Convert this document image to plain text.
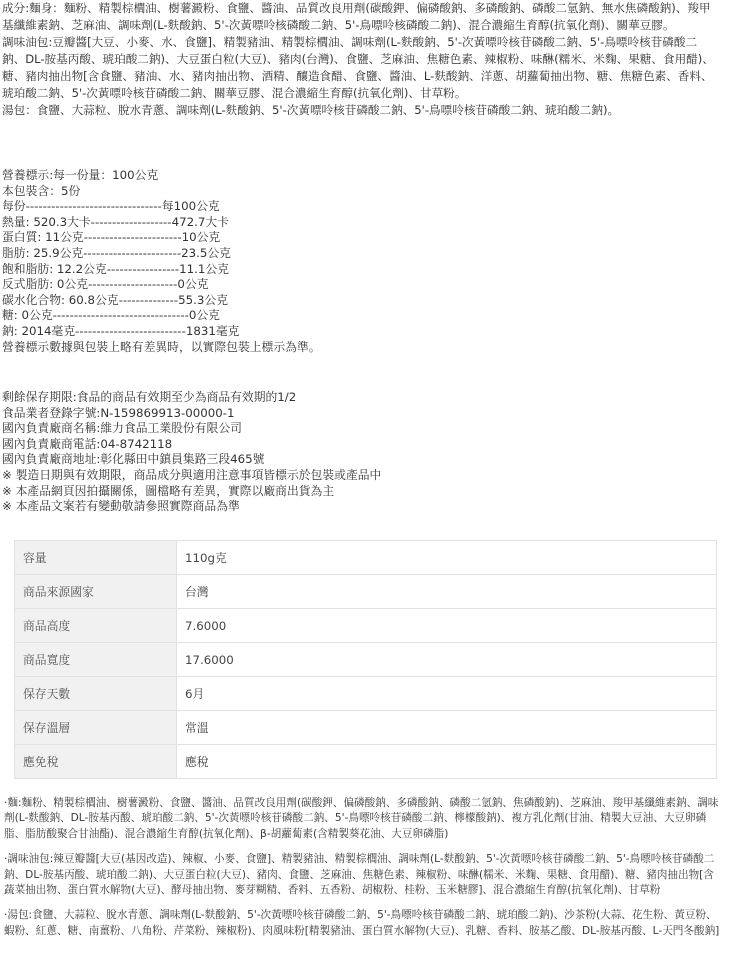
成分:麵身：麵粉、精製棕櫚油、樹薯澱粉、食鹽、醬油、品質改良用劑(碳酸鉀、偏磷酸鈉、多磷酸鈉、磷酸二氫鈉、無水焦磷酸鈉)、羧甲基纖維素鈉、芝麻油、調味劑(L-麩酸鈉、5'-次黃嘌呤核磷酸二鈉、5'-鳥嘌呤核磷酸二鈉)、混合濃縮生育醇(抗氧化劑)、關華豆膠。

調味油包:豆瓣醬[大豆、小麥、水、食鹽]、精製豬油、精製棕櫚油、調味劑(L-麩酸鈉、5'-次黃嘌呤核苷磷酸二鈉、5'-鳥嘌呤核苷磷酸二鈉、DL-胺基丙酸、琥珀酸二鈉)、大豆蛋白粒(大豆)、豬肉(台灣)、食鹽、芝麻油、焦糖色素、辣椒粉、味醂(糯米、米麴、果糖、食用醋)、糖、豬肉抽出物[含食鹽、豬油、水、豬肉抽出物、酒精、釀造食醋、食鹽、醬油、L-麩酸鈉、洋蔥、胡蘿蔔抽出物、糖、焦糖色素、香料、琥珀酸二鈉、5'-次黃嘌呤核苷磷酸二鈉、關華豆膠、混合濃縮生育醇(抗氧化劑)、甘草粉。

湯包：食鹽、大蒜粒、脫水青蔥、調味劑(L-麩酸鈉、5'-次黃嘌呤核苷磷酸二鈉、5'-鳥嘌呤核苷磷酸二鈉、琥珀酸二鈉)。

營養標示:每一份量：100公克
本包裝含：5份
每份--------------------------------每100公克
熱量: 520.3大卡-------------------472.7大卡
蛋白質: 11公克-----------------------10公克
脂肪: 25.9公克-----------------------23.5公克
飽和脂肪: 12.2公克-----------------11.1公克
反式脂肪: 0公克---------------------0公克
碳水化合物: 60.8公克--------------55.3公克
糖: 0公克--------------------------------0公克
鈉: 2014毫克--------------------------1831毫克
營養標示數據與包裝上略有差異時，以實際包裝上標示為準。
剩餘保存期限:食品的商品有效期至少為商品有效期的1/2
食品業者登錄字號:N-159869913-00000-1
國內負責廠商名稱:維力食品工業股份有限公司
國內負責廠商電話:04-8742118
國內負責廠商地址:彰化縣田中鎮員集路三段465號
※ 製造日期與有效期限，商品成分與適用注意事項皆標示於包裝或產品中
※ 本產品網頁因拍攝關係，圖檔略有差異，實際以廠商出貨為主
※ 本產品文案若有變動敬請參照實際商品為準
容量	110g克
商品來源國家	台灣
商品高度	7.6000
商品寬度	17.6000
保存天數	6月
保存溫層	常溫
應免稅	應稅

‧麵:麵粉、精製棕櫚油、樹薯澱粉、食鹽、醬油、品質改良用劑(碳酸鉀、偏磷酸鈉、多磷酸鈉、磷酸二氫鈉、焦磷酸鈉)、芝麻油、羧甲基纖維素鈉、調味劑(L-麩酸鈉、DL-胺基丙酸、琥珀酸二鈉、5'-次黃嘌呤核苷磷酸二鈉、5'-鳥嘌呤核苷磷酸二鈉、檸檬酸鈉)、複方乳化劑(甘油、精製大豆油、大豆卵磷脂、脂肪酸聚合甘油酯)、混合濃縮生育醇(抗氧化劑)、β-胡蘿蔔素(含精製葵花油、大豆卵磷脂)

‧調味油包:辣豆瓣醬[大豆(基因改造)、辣椒、小麥、食鹽]、精製豬油、精製棕櫚油、調味劑(L-麩酸鈉、5'-次黃嘌呤核苷磷酸二鈉、5'-鳥嘌呤核苷磷酸二鈉、DL-胺基丙酸、琥珀酸二鈉)、大豆蛋白粒(大豆)、豬肉、食鹽、芝麻油、焦糖色素、辣椒粉、味醂(糯米、米麴、果糖、食用醋)、糖、豬肉抽出物[含蔬菜抽出物、蛋白質水解物(大豆)、酵母抽出物、麥芽糊精、香料、五香粉、胡椒粉、桂粉、玉米糖膠]、混合濃縮生育醇(抗氧化劑)、甘草粉

‧湯包:食鹽、大蒜粒、脫水青蔥、調味劑(L-麩酸鈉、5'-次黃嘌呤核苷磷酸二鈉、5'-鳥嘌呤核苷磷酸二鈉、琥珀酸二鈉)、沙茶粉(大蒜、花生粉、黃豆粉、蝦粉、紅蔥、糖、南薑粉、八角粉、芹菜粉、辣椒粉)、肉風味粉[精製豬油、蛋白質水解物(大豆)、乳糖、香料、胺基乙酸、DL-胺基丙酸、L-天門冬酸鈉]
